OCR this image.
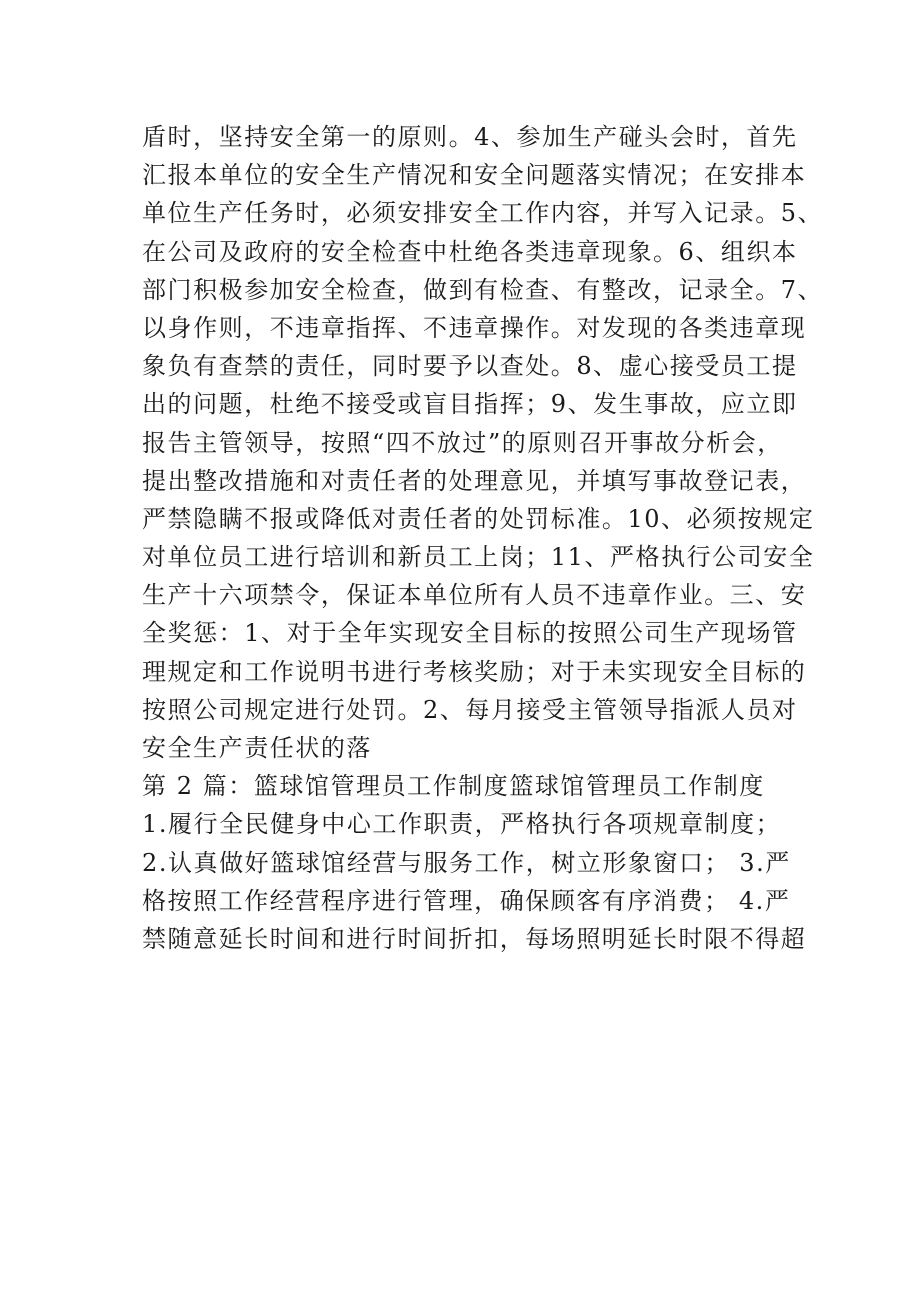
盾时，坚持安全第一的原则。4、参加生产碰头会时，首先
汇报本单位的安全生产情况和安全问题落实情况；在安排本
单位生产任务时，必须安排安全工作内容，并写入记录。5、
在公司及政府的安全检查中杜绝各类违章现象。6、组织本
部门积极参加安全检查，做到有检查、有整改，记录全。7、
以身作则，不违章指挥、不违章操作。对发现的各类违章现
象负有查禁的责任，同时要予以查处。8、虚心接受员工提
出的问题，杜绝不接受或盲目指挥；9、发生事故，应立即
报告主管领导，按照“四不放过”的原则召开事故分析会，
提出整改措施和对责任者的处理意见，并填写事故登记表，
严禁隐瞒不报或降低对责任者的处罚标准。10、必须按规定
对单位员工进行培训和新员工上岗；11、严格执行公司安全
生产十六项禁令，保证本单位所有人员不违章作业。三、安
全奖惩：1、对于全年实现安全目标的按照公司生产现场管
理规定和工作说明书进行考核奖励；对于未实现安全目标的
按照公司规定进行处罚。2、每月接受主管领导指派人员对
安全生产责任状的落
第 2 篇：篮球馆管理员工作制度篮球馆管理员工作制度
1.履行全民健身中心工作职责，严格执行各项规章制度；
2.认真做好篮球馆经营与服务工作，树立形象窗口； 3.严
格按照工作经营程序进行管理，确保顾客有序消费； 4.严
禁随意延长时间和进行时间折扣，每场照明延长时限不得超
